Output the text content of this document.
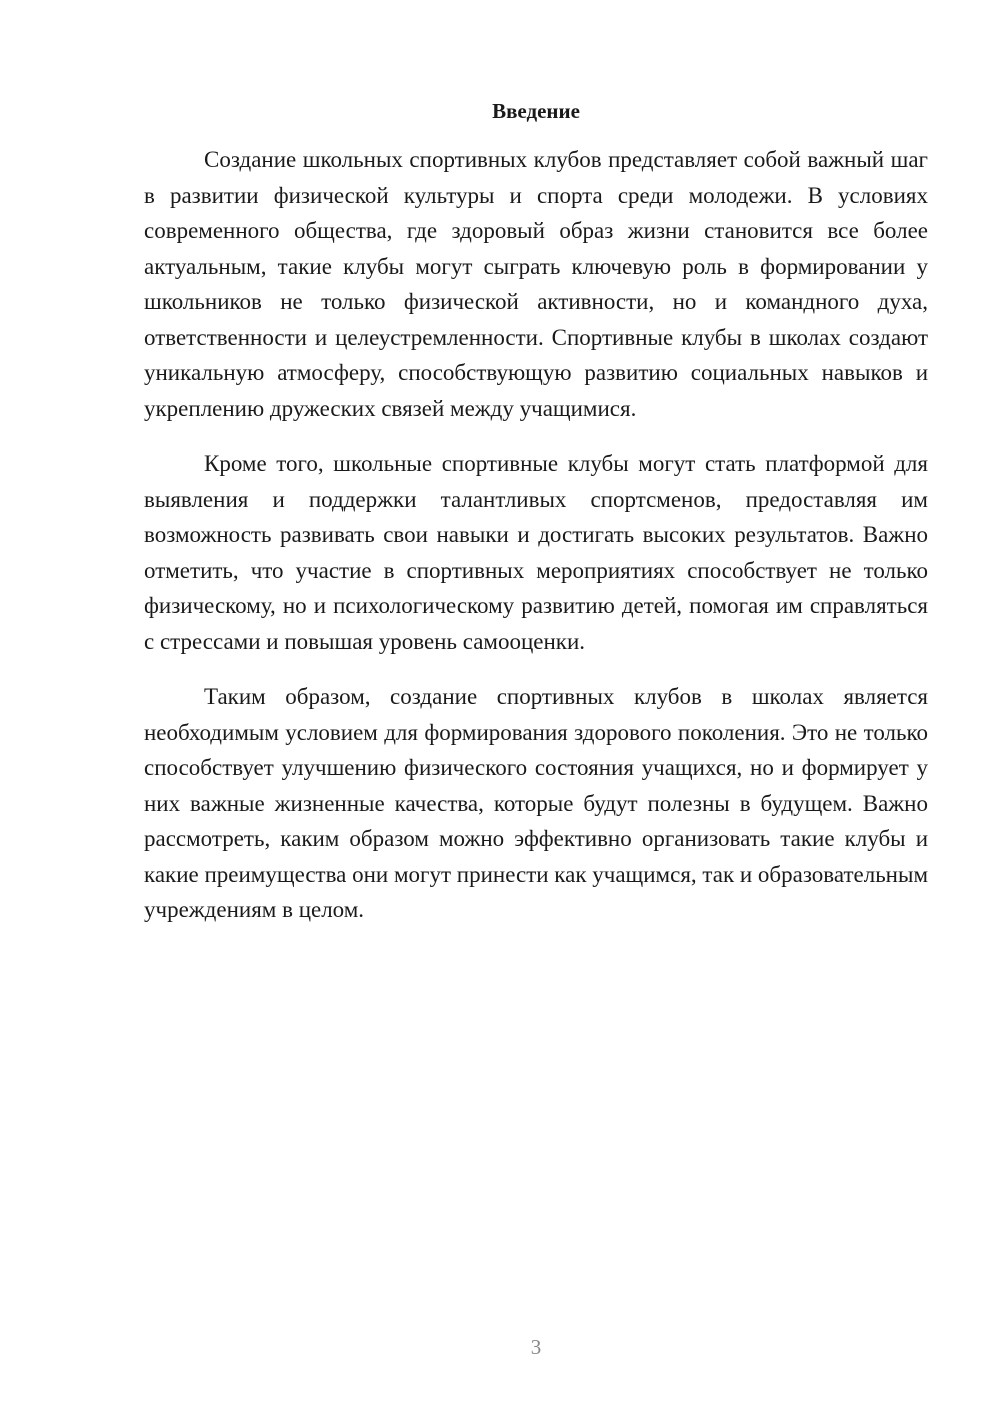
Введение

Создание школьных спортивных клубов представляет собой важный шаг в развитии физической культуры и спорта среди молодежи. В условиях современного общества, где здоровый образ жизни становится все более актуальным, такие клубы могут сыграть ключевую роль в формировании у школьников не только физической активности, но и командного духа, ответственности и целеустремленности. Спортивные клубы в школах создают уникальную атмосферу, способствующую развитию социальных навыков и укреплению дружеских связей между учащимися.

Кроме того, школьные спортивные клубы могут стать платформой для выявления и поддержки талантливых спортсменов, предоставляя им возможность развивать свои навыки и достигать высоких результатов. Важно отметить, что участие в спортивных мероприятиях способствует не только физическому, но и психологическому развитию детей, помогая им справляться с стрессами и повышая уровень самооценки.

Таким образом, создание спортивных клубов в школах является необходимым условием для формирования здорового поколения. Это не только способствует улучшению физического состояния учащихся, но и формирует у них важные жизненные качества, которые будут полезны в будущем. Важно рассмотреть, каким образом можно эффективно организовать такие клубы и какие преимущества они могут принести как учащимся, так и образовательным учреждениям в целом.

3
